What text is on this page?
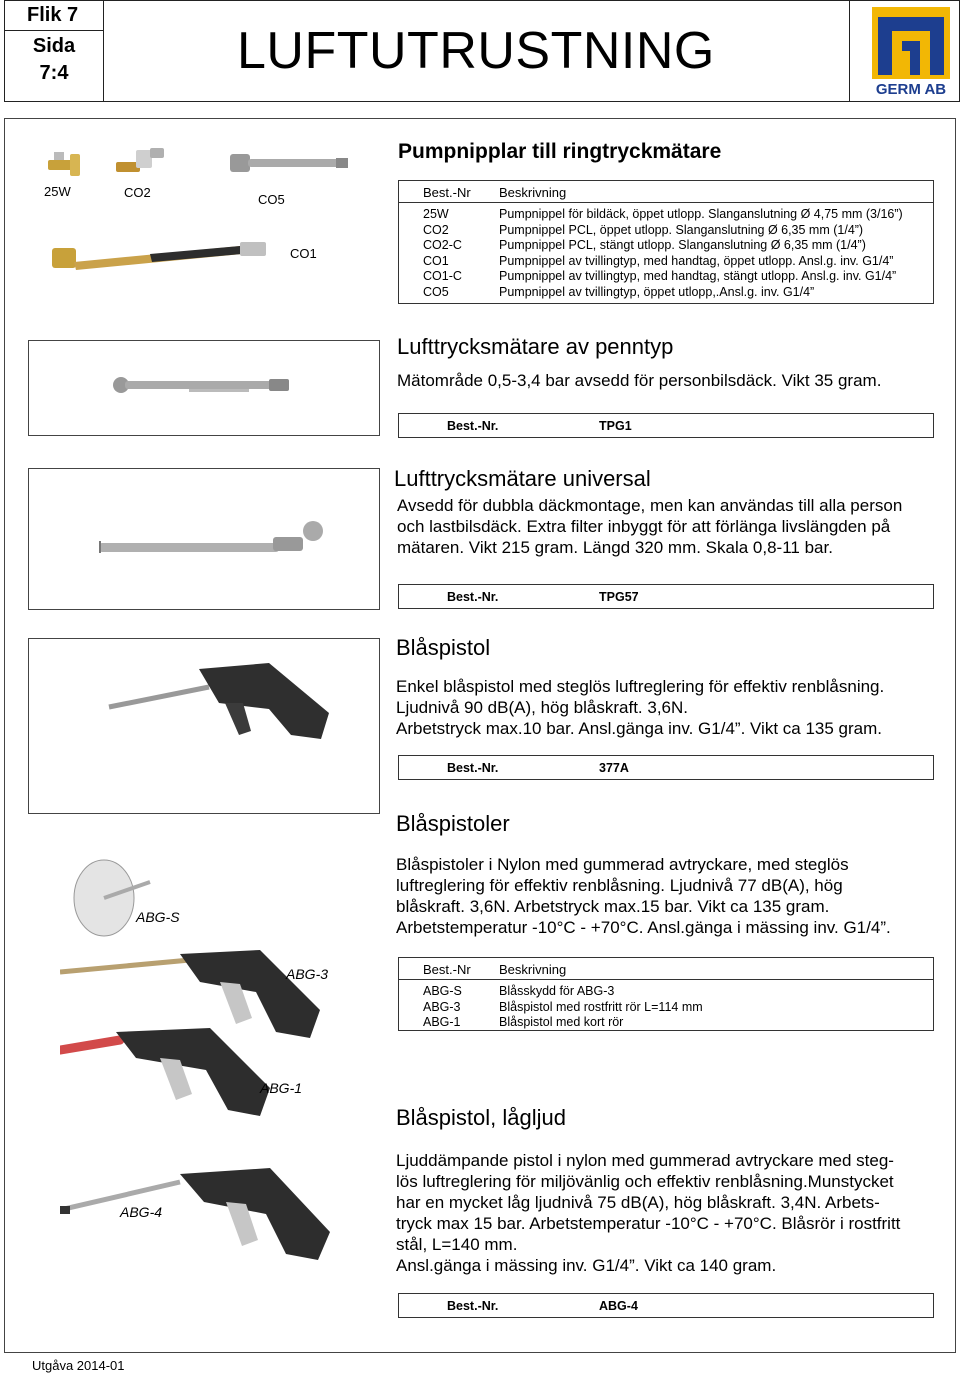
Flik 7
Sida
7:4	LUFTUTRUSTNING
GERM AB
Pumpnipplar till ringtryckmätare
25W	CO2	CO5
CO1
Best.-Nr Beskrivning
25W	Pumpnippel för bildäck, öppet utlopp. Slanganslutning Ø 4,75 mm (3/16”)
CO2	Pumpnippel PCL, öppet utlopp. Slanganslutning Ø 6,35 mm (1/4”)
CO2-C	Pumpnippel PCL, stängt utlopp. Slanganslutning Ø 6,35 mm (1/4”)
CO1	Pumpnippel av tvillingtyp, med handtag, öppet utlopp. Ansl.g. inv. G1/4”
CO1-C	Pumpnippel av tvillingtyp, med handtag, stängt utlopp. Ansl.g. inv. G1/4”
CO5	Pumpnippel av tvillingtyp, öppet utlopp,.Ansl.g. inv. G1/4”
Lufttrycksmätare av penntyp
Mätområde 0,5-3,4 bar avsedd för personbilsdäck. Vikt 35 gram.
Best.-Nr.	TPG1
Lufttrycksmätare universal
Avsedd för dubbla däckmontage, men kan användas till alla person
och lastbilsdäck. Extra filter inbyggt för att förlänga livslängden på
mätaren. Vikt 215 gram. Längd 320 mm. Skala 0,8-11 bar.
Best.-Nr.	TPG57
Blåspistol
Enkel blåspistol med steglös luftreglering för effektiv renblåsning.
Ljudnivå 90 dB(A), hög blåskraft. 3,6N.
Arbetstryck max.10 bar. Ansl.gänga inv. G1/4”. Vikt ca 135 gram.
Best.-Nr.	377A
ABG-S
ABG-3
ABG-1
ABG-4
Blåspistoler
Blåspistoler i Nylon med gummerad avtryckare, med steglös
luftreglering för effektiv renblåsning. Ljudnivå 77 dB(A), hög
blåskraft. 3,6N. Arbetstryck max.15 bar. Vikt ca 135 gram.
Arbetstemperatur -10°C - +70°C. Ansl.gänga i mässing inv. G1/4”.
Best.-Nr Beskrivning
ABG-S	Blåsskydd för ABG-3
ABG-3	Blåspistol med rostfritt rör L=114 mm
ABG-1	Blåspistol med kort rör
Blåspistol, lågljud
Ljuddämpande pistol i nylon med gummerad avtryckare med steg-
lös luftreglering för miljövänlig och effektiv renblåsning.Munstycket
har en mycket låg ljudnivå 75 dB(A), hög blåskraft. 3,4N. Arbets-
tryck max 15 bar. Arbetstemperatur -10°C - +70°C. Blåsrör i rostfritt
stål, L=140 mm.
Ansl.gänga i mässing inv. G1/4”. Vikt ca 140 gram.
Best.-Nr.	ABG-4
Utgåva 2014-01
